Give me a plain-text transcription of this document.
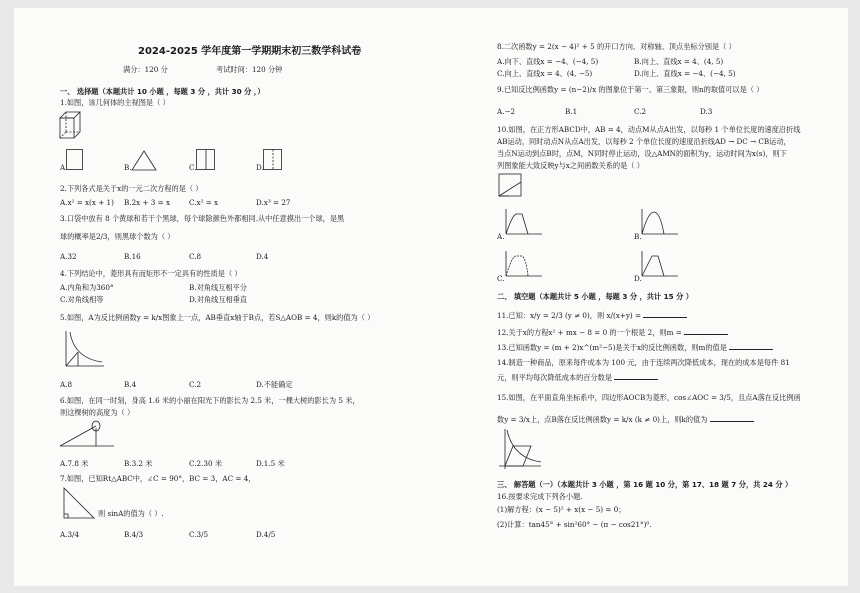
2024-2025 学年度第一学期期末初三数学科试卷
满分：120 分	考试时间：120 分钟
一、 选择题（本题共计 10 小题 ，每题 3 分 ，共计 30 分 ，）
1.如图，该几何体的主视图是（ ）
A.	B.	C.	D.
2.下列各式是关于x的一元二次方程的是（ ）
A.x² = x(x + 1) B.2x + 3 = x	C.x² = x	D.x³ = 27
3.口袋中放有 8 个黄球和若干个黑球，每个球除颜色外都相同.从中任意摸出一个球，是黑
球的概率是2/3，则黑球个数为（ ）
A.32	B.16	C.8	D.4
4.下列结论中，菱形具有而矩形不一定具有的性质是（ ）
A.内角和为360°	B.对角线互相平分
C.对角线相等	D.对角线互相垂直
5.如图，A为反比例函数y = k/x图象上一点，AB垂直x轴于B点，若S△AOB = 4，则k的值为（ ）
A.8	B.4	C.2	D.不能确定
6.如图，在同一时刻，身高 1.6 米的小丽在阳光下的影长为 2.5 米，一棵大树的影长为 5 米，
则这棵树的高度为（ ）
A.7.8 米	B.3.2 米	C.2.30 米	D.1.5 米
7.如图，已知Rt△ABC中，∠C = 90°，BC = 3，AC = 4，
则 sinA的值为（ ）.
A.3/4	B.4/3	C.3/5	D.4/5
8.二次函数y = 2(x − 4)² + 5 的开口方向、对称轴、顶点坐标分别是（ ）
A.向下、直线x = −4、(−4, 5)	B.向上、直线x = 4、(4, 5)
C.向上、直线x = 4、(4, −5)	D.向上、直线x = −4、(−4, 5)
9.已知反比例函数y = (n−2)/x 的图象位于第一、第三象限，则n的取值可以是（ ）
A.−2	B.1	C.2	D.3
10.如图，在正方形ABCD中，AB = 4，动点M从点A出发，以每秒 1 个单位长度的速度沿折线
AB运动，同时动点N从点A出发，以每秒 2 个单位长度的速度沿折线AD → DC → CB运动，
当点N运动到点B时，点M，N同时停止运动，设△AMN的面积为y，运动时间为x(s)，则下
列图象能大致反映y与x之间函数关系的是（ ）
A.	B.
C.	D.
二、 填空题（本题共计 5 小题 ，每题 3 分 ，共计 15 分 ）
11.已知：x/y = 2/3 (y ≠ 0)，则 x/(x+y) =
12.关于x的方程x² + mx − 8 = 0 的一个根是 2，则m =
13.已知函数y = (m + 2)x^(m²−5)是关于x的反比例函数，则m的值是
14.制造一种商品，原来每件成本为 100 元，由于连续两次降低成本，现在的成本是每件 81
元，则平均每次降低成本的百分数是
15.如图，在平面直角坐标系中，四边形AOCB为菱形，cos∠AOC = 3/5，且点A落在反比例函
数y = 3/x上，点B落在反比例函数y = k/x (k ≠ 0)上，则k的值为
三、 解答题（一）（本题共计 3 小题 ，第 16 题 10 分，第 17、18 题 7 分，共 24 分 ）
16.按要求完成下列各小题.
(1)解方程：(x − 5)² + x(x − 5) = 0；
(2)计算：tan45° + sin²60° − (π − cos21°)⁰.
